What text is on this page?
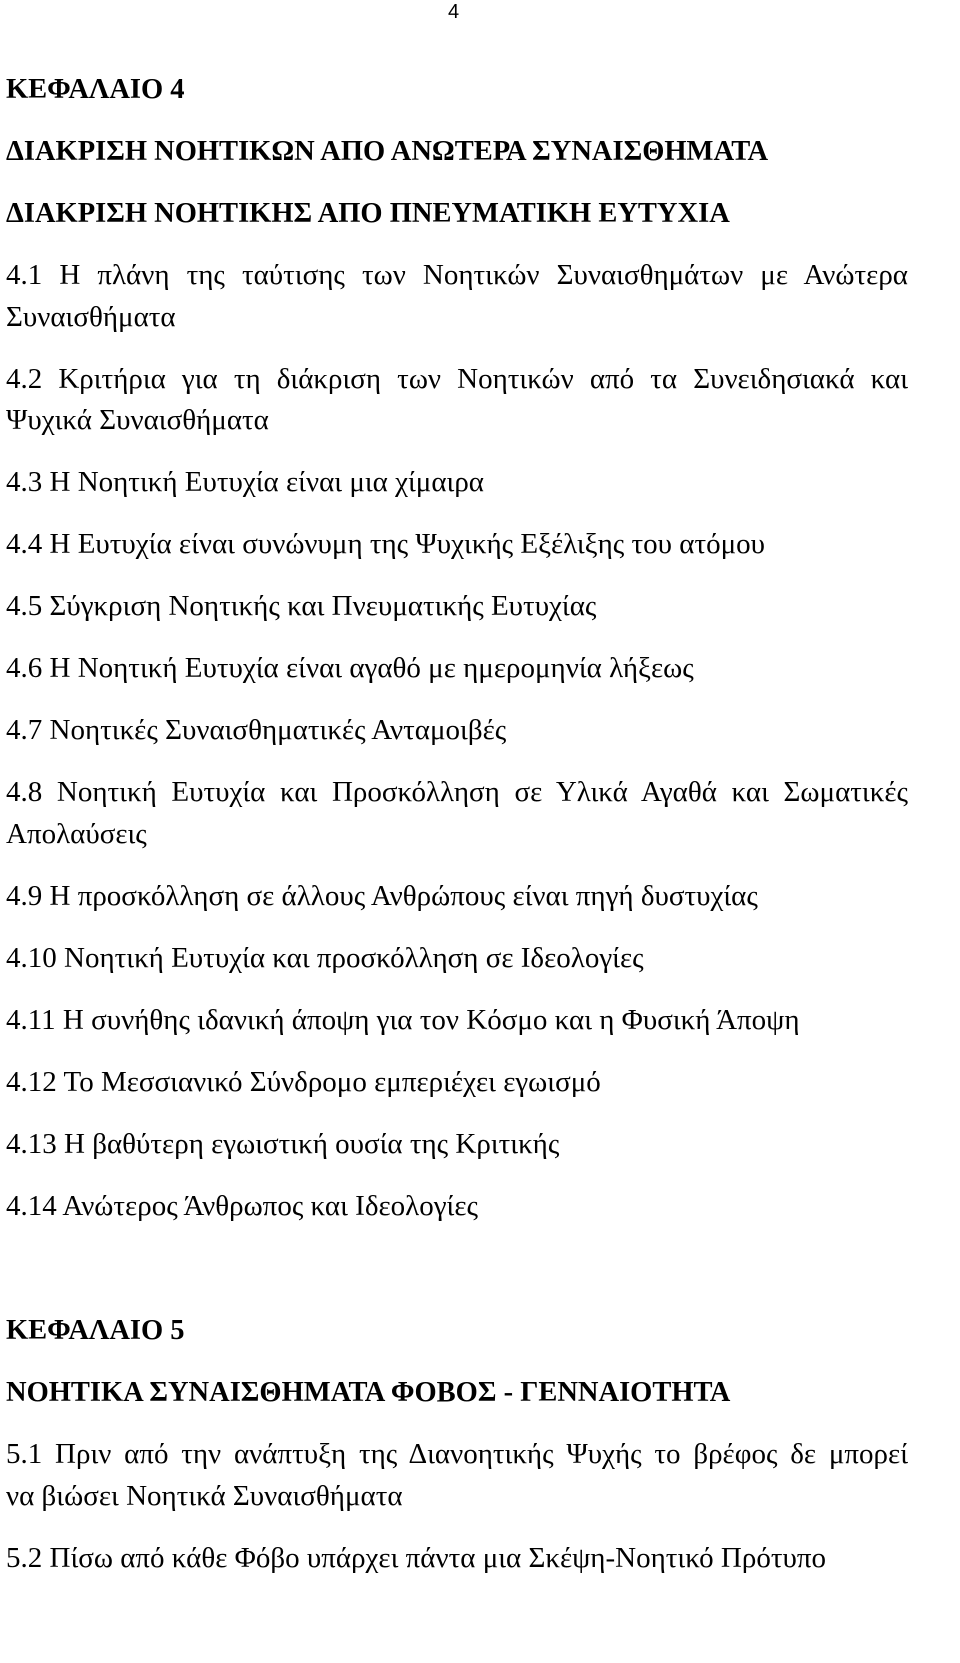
4
ΚΕΦΑΛΑΙΟ 4
ΔΙΑΚΡΙΣΗ ΝΟΗΤΙΚΩΝ ΑΠΟ ΑΝΩΤΕΡΑ ΣΥΝΑΙΣΘΗΜΑΤΑ
ΔΙΑΚΡΙΣΗ ΝΟΗΤΙΚΗΣ ΑΠΟ ΠΝΕΥΜΑΤΙΚΗ ΕΥΤΥΧΙΑ
4.1 Η πλάνη της ταύτισης των Νοητικών Συναισθημάτων με Ανώτερα
Συναισθήματα
4.2 Κριτήρια για τη διάκριση των Νοητικών από τα Συνειδησιακά και
Ψυχικά Συναισθήματα
4.3 Η Νοητική Ευτυχία είναι μια χίμαιρα
4.4 Η Ευτυχία είναι συνώνυμη της Ψυχικής Εξέλιξης του ατόμου
4.5 Σύγκριση Νοητικής και Πνευματικής Ευτυχίας
4.6 Η Νοητική Ευτυχία είναι αγαθό με ημερομηνία λήξεως
4.7 Νοητικές Συναισθηματικές Ανταμοιβές
4.8 Νοητική Ευτυχία και Προσκόλληση σε Υλικά Αγαθά και Σωματικές
Απολαύσεις
4.9 Η προσκόλληση σε άλλους Ανθρώπους είναι πηγή δυστυχίας
4.10 Νοητική Ευτυχία και προσκόλληση σε Ιδεολογίες
4.11 Η συνήθης ιδανική άποψη για τον Κόσμο και η Φυσική Άποψη
4.12 Το Μεσσιανικό Σύνδρομο εμπεριέχει εγωισμό
4.13 Η βαθύτερη εγωιστική ουσία της Κριτικής
4.14 Ανώτερος Άνθρωπος και Ιδεολογίες
ΚΕΦΑΛΑΙΟ 5
ΝΟΗΤΙΚΑ ΣΥΝΑΙΣΘΗΜΑΤΑ ΦΟΒΟΣ - ΓΕΝΝΑΙΟΤΗΤΑ
5.1 Πριν από την ανάπτυξη της Διανοητικής Ψυχής το βρέφος δε μπορεί
να βιώσει Νοητικά Συναισθήματα
5.2 Πίσω από κάθε Φόβο υπάρχει πάντα μια Σκέψη-Νοητικό Πρότυπο
